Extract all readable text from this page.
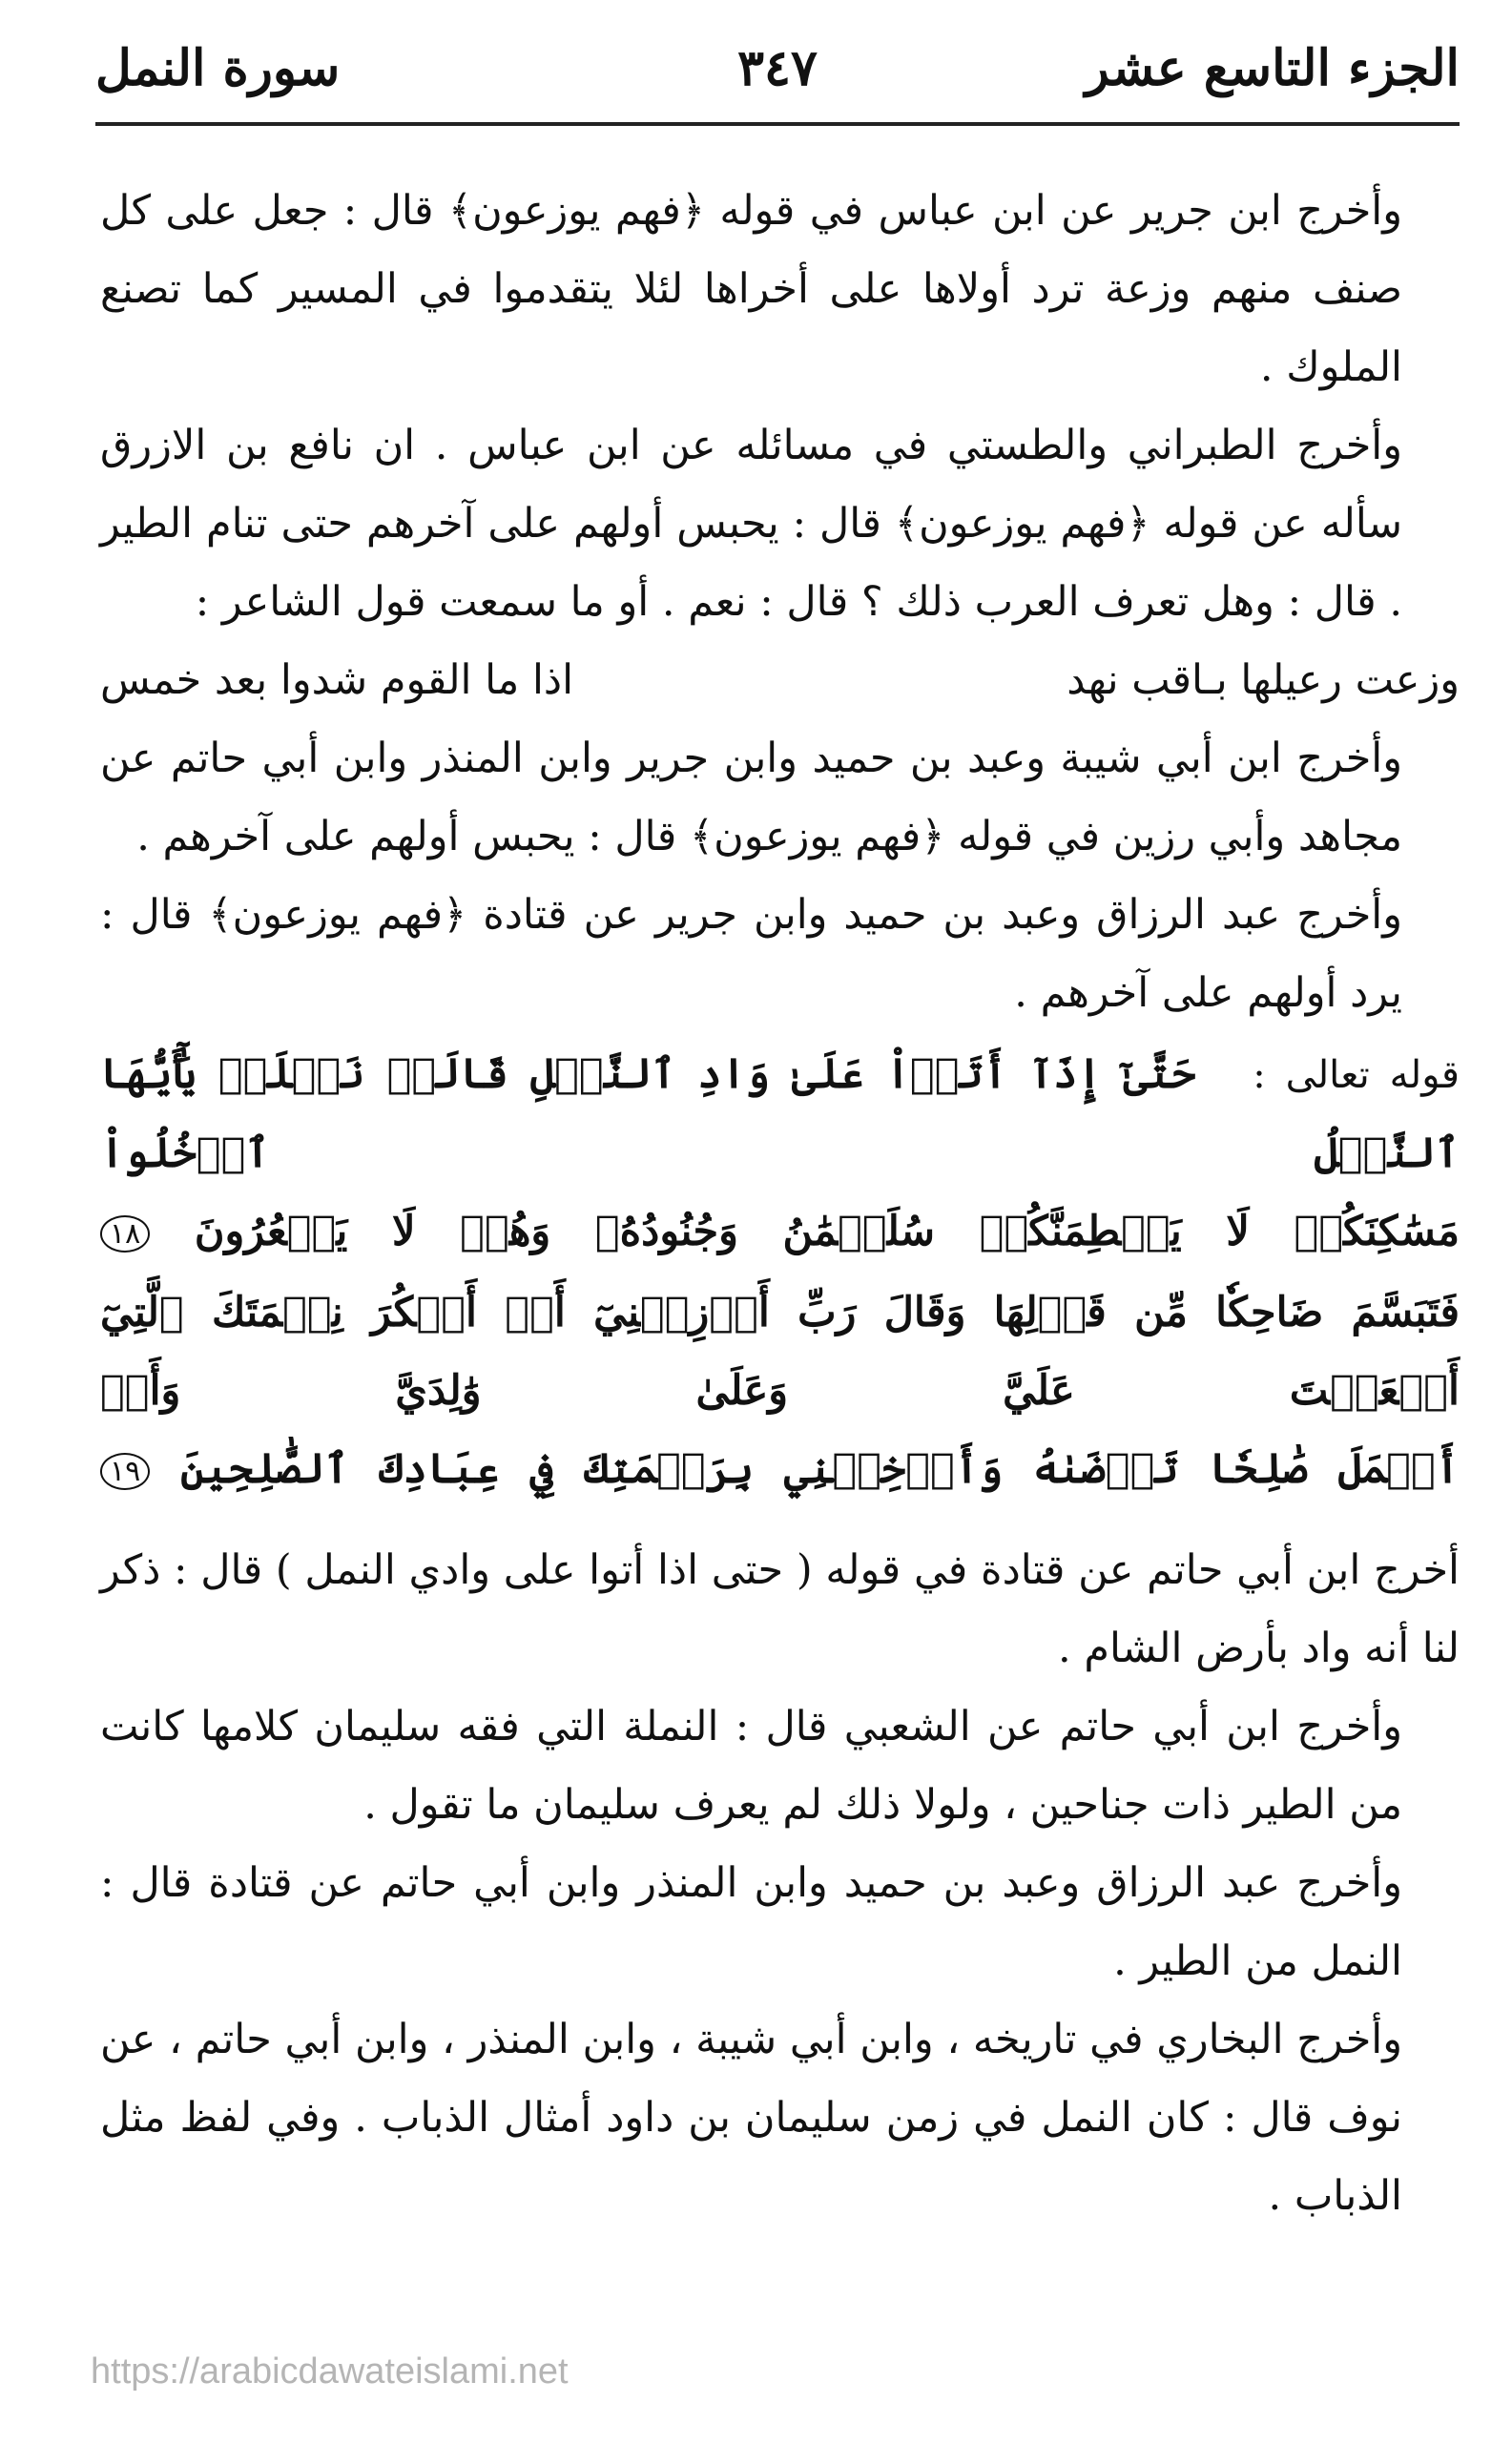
الجزء التاسع عشر
٣٤٧
سورة النمل

وأخرج ابن جرير عن ابن عباس في قوله ﴿فهم يوزعون﴾ قال : جعل على كل صنف منهم وزعة ترد أولاها على أخراها لئلا يتقدموا في المسير كما تصنع الملوك .

وأخرج الطبراني والطستي في مسائله عن ابن عباس . ان نافع بن الازرق سأله عن قوله ﴿فهم يوزعون﴾ قال : يحبس أولهم على آخرهم حتى تنام الطير . قال : وهل تعرف العرب ذلك ؟ قال : نعم . أو ما سمعت قول الشاعر :

وزعت رعيلها بـاقب نهد
اذا ما القوم شدوا بعد خمس

وأخرج ابن أبي شيبة وعبد بن حميد وابن جرير وابن المنذر وابن أبي حاتم عن مجاهد وأبي رزين في قوله ﴿فهم يوزعون﴾ قال : يحبس أولهم على آخرهم .

وأخرج عبد الرزاق وعبد بن حميد وابن جرير عن قتادة ﴿فهم يوزعون﴾ قال : يرد أولهم على آخرهم .

قوله تعالى :حَتَّىٰٓ إِذَآ أَتَوۡاْ عَلَىٰ وَادِ ٱلنَّمۡلِ قَالَتۡ نَمۡلَةٞ يَٰٓأَيُّهَا ٱلنَّمۡلُ ٱدۡخُلُواْ

مَسَٰكِنَكُمۡ لَا يَحۡطِمَنَّكُمۡ سُلَيۡمَٰنُ وَجُنُودُهُۥ وَهُمۡ لَا يَشۡعُرُونَ ١٨

فَتَبَسَّمَ ضَاحِكٗا مِّن قَوۡلِهَا وَقَالَ رَبِّ أَوۡزِعۡنِيٓ أَنۡ أَشۡكُرَ نِعۡمَتَكَ ٱلَّتِيٓ أَنۡعَمۡتَ عَلَيَّ وَعَلَىٰ وَٰلِدَيَّ وَأَنۡ

أَعۡمَلَ صَٰلِحٗا تَرۡضَىٰهُ وَأَدۡخِلۡنِي بِرَحۡمَتِكَ فِي عِبَادِكَ ٱلصَّٰلِحِينَ ١٩

أخرج ابن أبي حاتم عن قتادة في قوله ( حتى اذا أتوا على وادي النمل ) قال : ذكر لنا أنه واد بأرض الشام .

وأخرج ابن أبي حاتم عن الشعبي قال : النملة التي فقه سليمان كلامها كانت من الطير ذات جناحين ، ولولا ذلك لم يعرف سليمان ما تقول .

وأخرج عبد الرزاق وعبد بن حميد وابن المنذر وابن أبي حاتم عن قتادة قال : النمل من الطير .

وأخرج البخاري في تاريخه ، وابن أبي شيبة ، وابن المنذر ، وابن أبي حاتم ، عن نوف قال : كان النمل في زمن سليمان بن داود أمثال الذباب . وفي لفظ مثل الذباب .

https://arabicdawateislami.net
